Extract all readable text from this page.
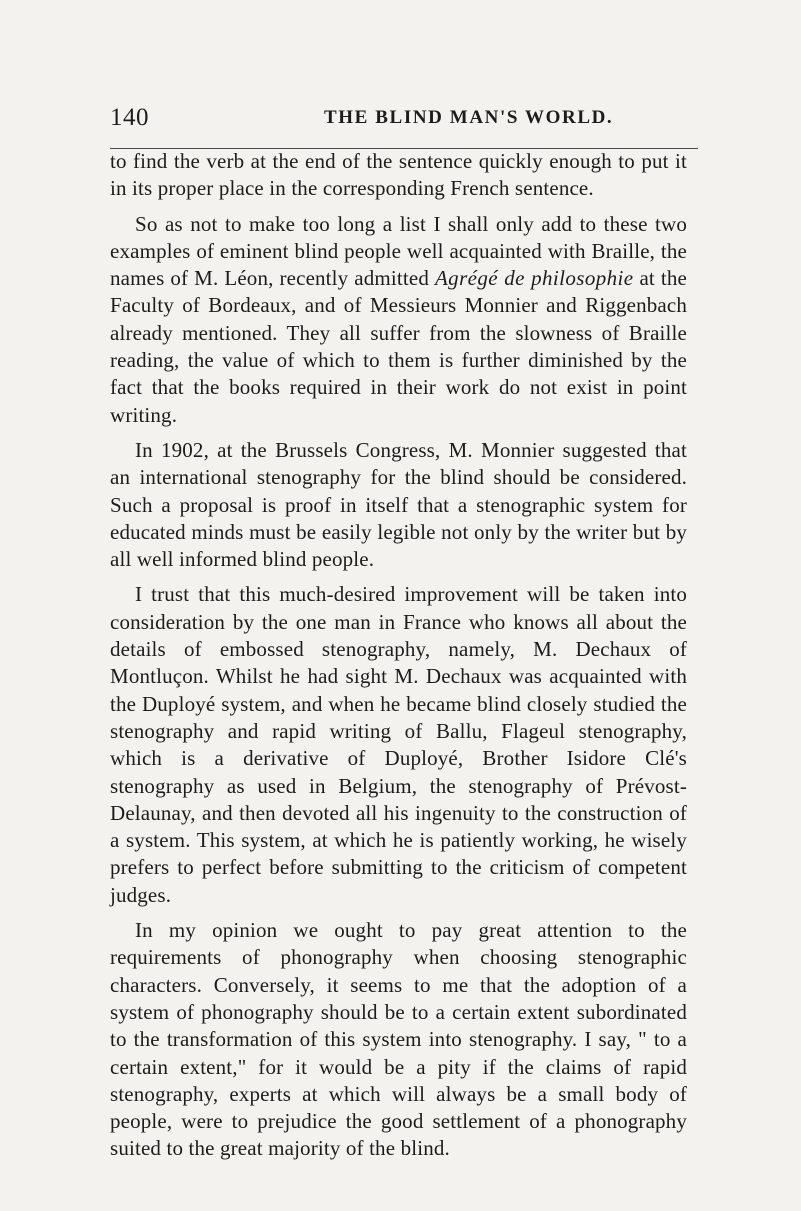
140	THE BLIND MAN'S WORLD.

to find the verb at the end of the sentence quickly enough to put it in its proper place in the corresponding French sentence.

So as not to make too long a list I shall only add to these two examples of eminent blind people well acquainted with Braille, the names of M. Léon, recently admitted Agrégé de philosophie at the Faculty of Bordeaux, and of Messieurs Monnier and Riggenbach already mentioned. They all suffer from the slowness of Braille reading, the value of which to them is further diminished by the fact that the books required in their work do not exist in point writing.

In 1902, at the Brussels Congress, M. Monnier suggested that an international stenography for the blind should be considered. Such a proposal is proof in itself that a stenographic system for educated minds must be easily legible not only by the writer but by all well informed blind people.

I trust that this much-desired improvement will be taken into consideration by the one man in France who knows all about the details of embossed stenography, namely, M. Dechaux of Montluçon. Whilst he had sight M. Dechaux was acquainted with the Duployé system, and when he became blind closely studied the stenography and rapid writing of Ballu, Flageul stenography, which is a derivative of Duployé, Brother Isidore Clé's stenography as used in Belgium, the stenography of Prévost-Delaunay, and then devoted all his ingenuity to the construction of a system. This system, at which he is patiently working, he wisely prefers to perfect before submitting to the criticism of competent judges.

In my opinion we ought to pay great attention to the requirements of phonography when choosing stenographic characters. Conversely, it seems to me that the adoption of a system of phonography should be to a certain extent subordinated to the transformation of this system into stenography. I say, " to a certain extent," for it would be a pity if the claims of rapid stenography, experts at which will always be a small body of people, were to prejudice the good settlement of a phonography suited to the great majority of the blind.
